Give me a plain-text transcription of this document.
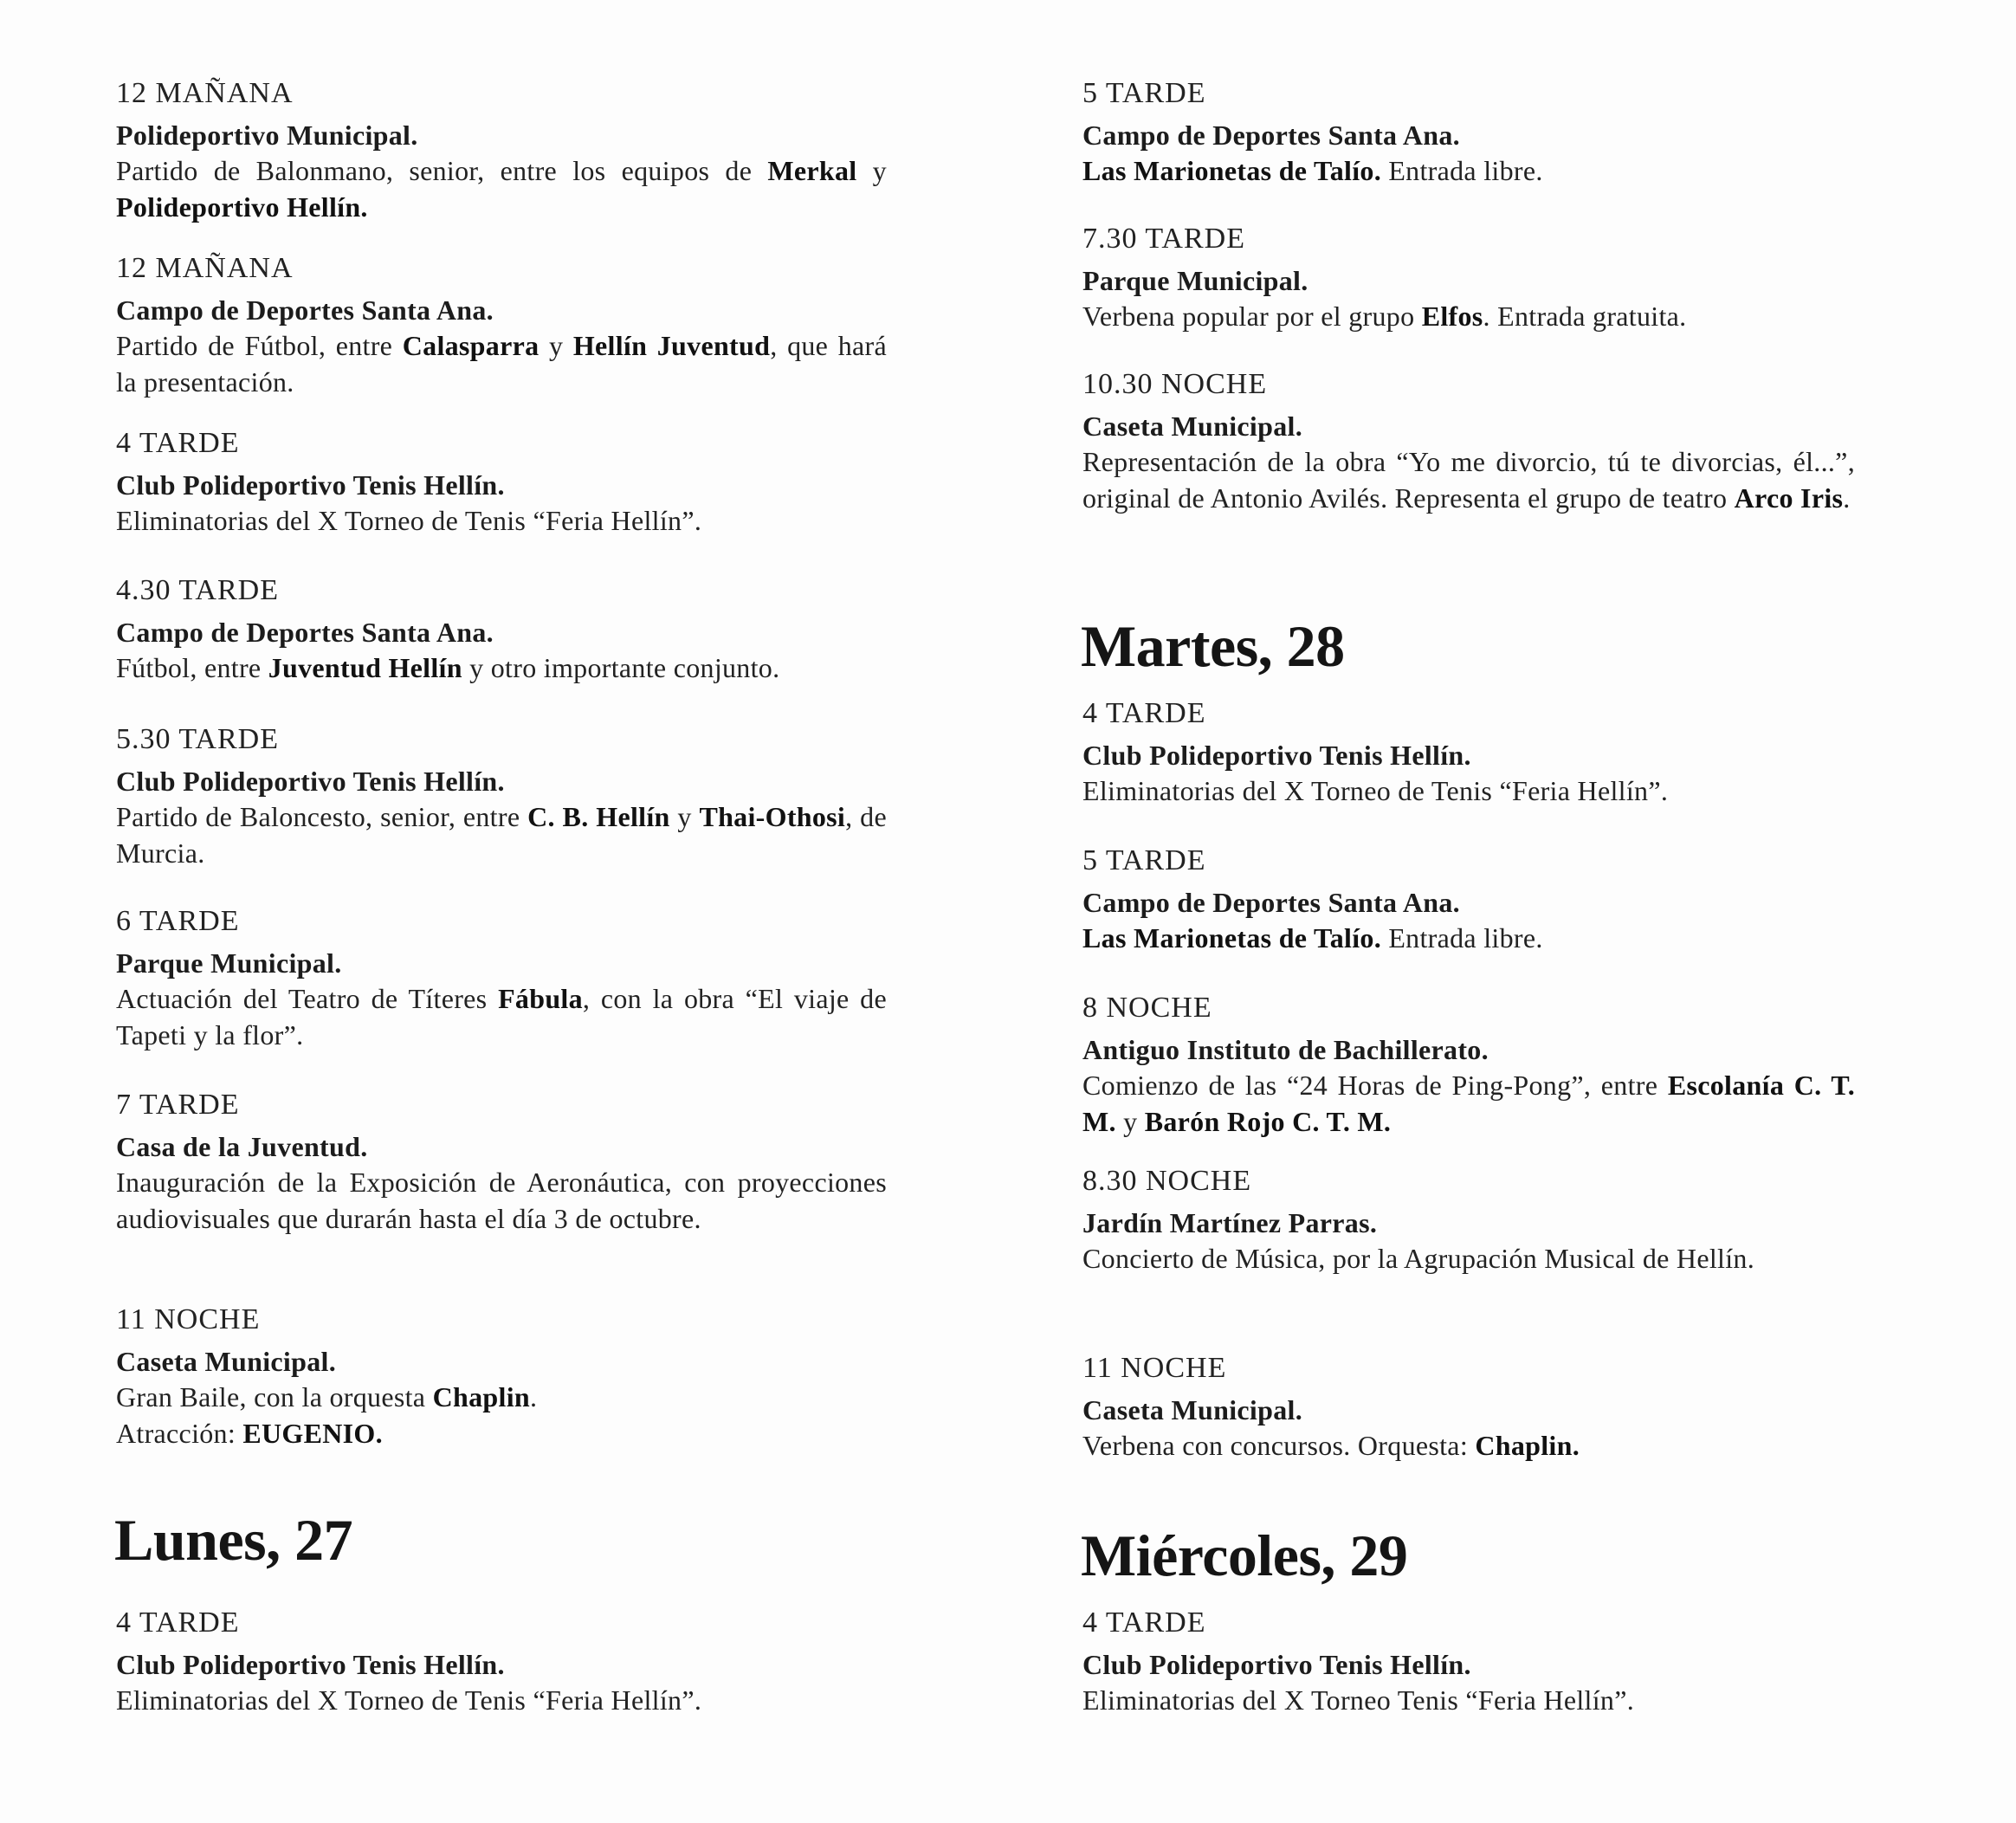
12 MAÑANA
Polideportivo Municipal.
Partido de Balonmano, senior, entre los equipos de Merkal y Polideportivo Hellín.
12 MAÑANA
Campo de Deportes Santa Ana.
Partido de Fútbol, entre Calasparra y Hellín Juventud, que hará la presentación.
4 TARDE
Club Polideportivo Tenis Hellín.
Eliminatorias del X Torneo de Tenis “Feria Hellín”.
4.30 TARDE
Campo de Deportes Santa Ana.
Fútbol, entre Juventud Hellín y otro importante conjunto.
5.30 TARDE
Club Polideportivo Tenis Hellín.
Partido de Baloncesto, senior, entre C. B. Hellín y Thai-Othosi, de Murcia.
6 TARDE
Parque Municipal.
Actuación del Teatro de Títeres Fábula, con la obra “El viaje de Tapeti y la flor”.
7 TARDE
Casa de la Juventud.
Inauguración de la Exposición de Aeronáutica, con proyecciones audiovisuales que durarán hasta el día 3 de octubre.
11 NOCHE
Caseta Municipal.
Gran Baile, con la orquesta Chaplin.
Atracción: EUGENIO.
Lunes, 27
4 TARDE
Club Polideportivo Tenis Hellín.
Eliminatorias del X Torneo de Tenis “Feria Hellín”.
5 TARDE
Campo de Deportes Santa Ana.
Las Marionetas de Talío. Entrada libre.
7.30 TARDE
Parque Municipal.
Verbena popular por el grupo Elfos. Entrada gratuita.
10.30 NOCHE
Caseta Municipal.
Representación de la obra “Yo me divorcio, tú te divorcias, él...”, original de Antonio Avilés. Representa el grupo de teatro Arco Iris.
Martes, 28
4 TARDE
Club Polideportivo Tenis Hellín.
Eliminatorias del X Torneo de Tenis “Feria Hellín”.
5 TARDE
Campo de Deportes Santa Ana.
Las Marionetas de Talío. Entrada libre.
8 NOCHE
Antiguo Instituto de Bachillerato.
Comienzo de las “24 Horas de Ping-Pong”, entre Escolanía C. T. M. y Barón Rojo C. T. M.
8.30 NOCHE
Jardín Martínez Parras.
Concierto de Música, por la Agrupación Musical de Hellín.
11 NOCHE
Caseta Municipal.
Verbena con concursos. Orquesta: Chaplin.
Miércoles, 29
4 TARDE
Club Polideportivo Tenis Hellín.
Eliminatorias del X Torneo Tenis “Feria Hellín”.
